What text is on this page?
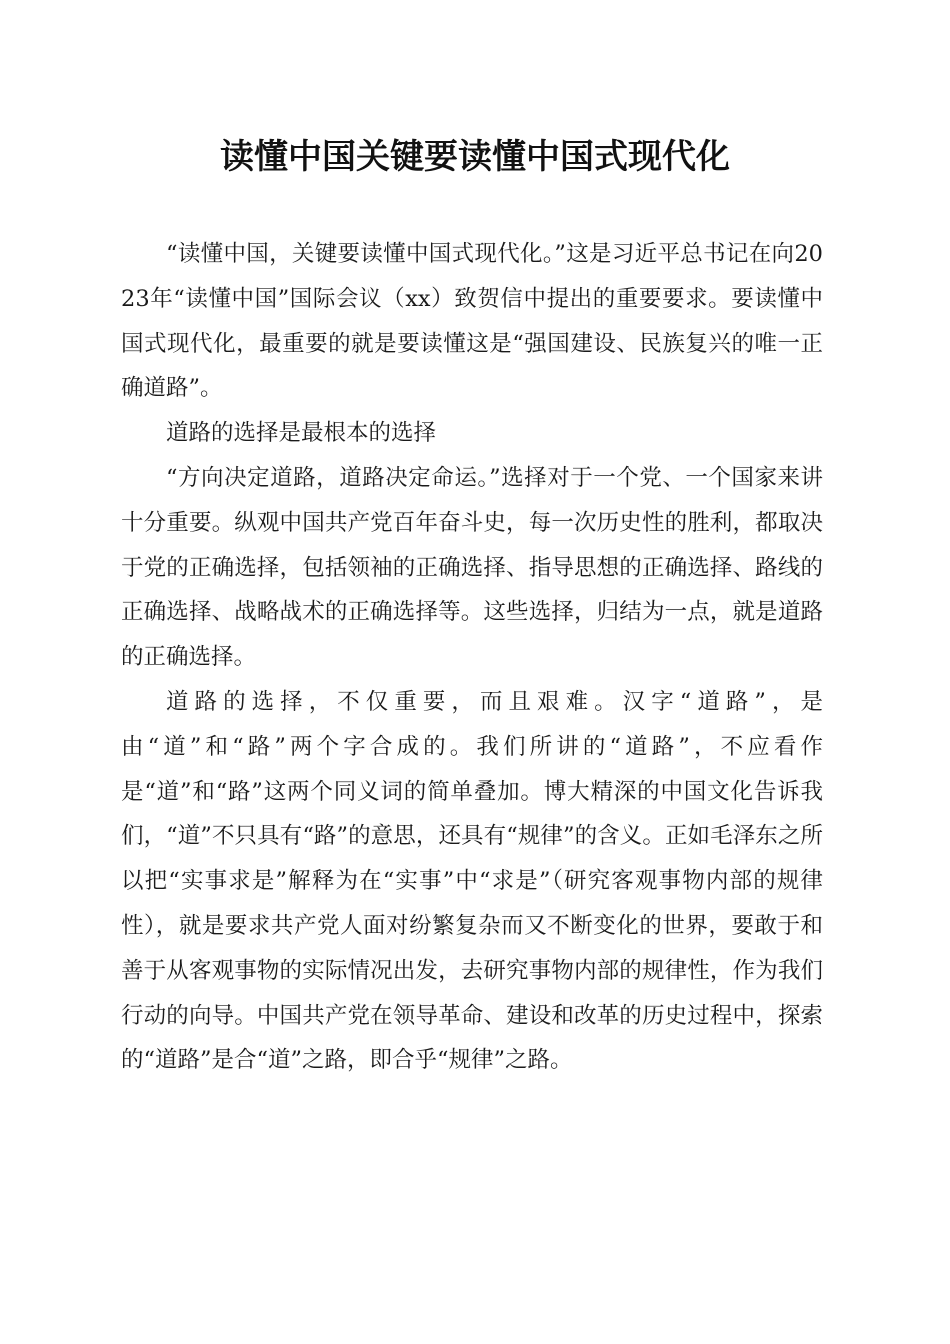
读懂中国关键要读懂中国式现代化

“读懂中国，关键要读懂中国式现代化。”这是习近平总书记在向2023年“读懂中国”国际会议（xx）致贺信中提出的重要要求。要读懂中国式现代化，最重要的就是要读懂这是“强国建设、民族复兴的唯一正确道路”。

道路的选择是最根本的选择

“方向决定道路，道路决定命运。”选择对于一个党、一个国家来讲十分重要。纵观中国共产党百年奋斗史，每一次历史性的胜利，都取决于党的正确选择，包括领袖的正确选择、指导思想的正确选择、路线的正确选择、战略战术的正确选择等。这些选择，归结为一点，就是道路的正确选择。

道路的选择，不仅重要，而且艰难。汉字“道路”，是由“道”和“路”两个字合成的。我们所讲的“道路”，不应看作是“道”和“路”这两个同义词的简单叠加。博大精深的中国文化告诉我们，“道”不只具有“路”的意思，还具有“规律”的含义。正如毛泽东之所以把“实事求是”解释为在“实事”中“求是”（研究客观事物内部的规律性），就是要求共产党人面对纷繁复杂而又不断变化的世界，要敢于和善于从客观事物的实际情况出发，去研究事物内部的规律性，作为我们行动的向导。中国共产党在领导革命、建设和改革的历史过程中，探索的“道路”是合“道”之路，即合乎“规律”之路。
